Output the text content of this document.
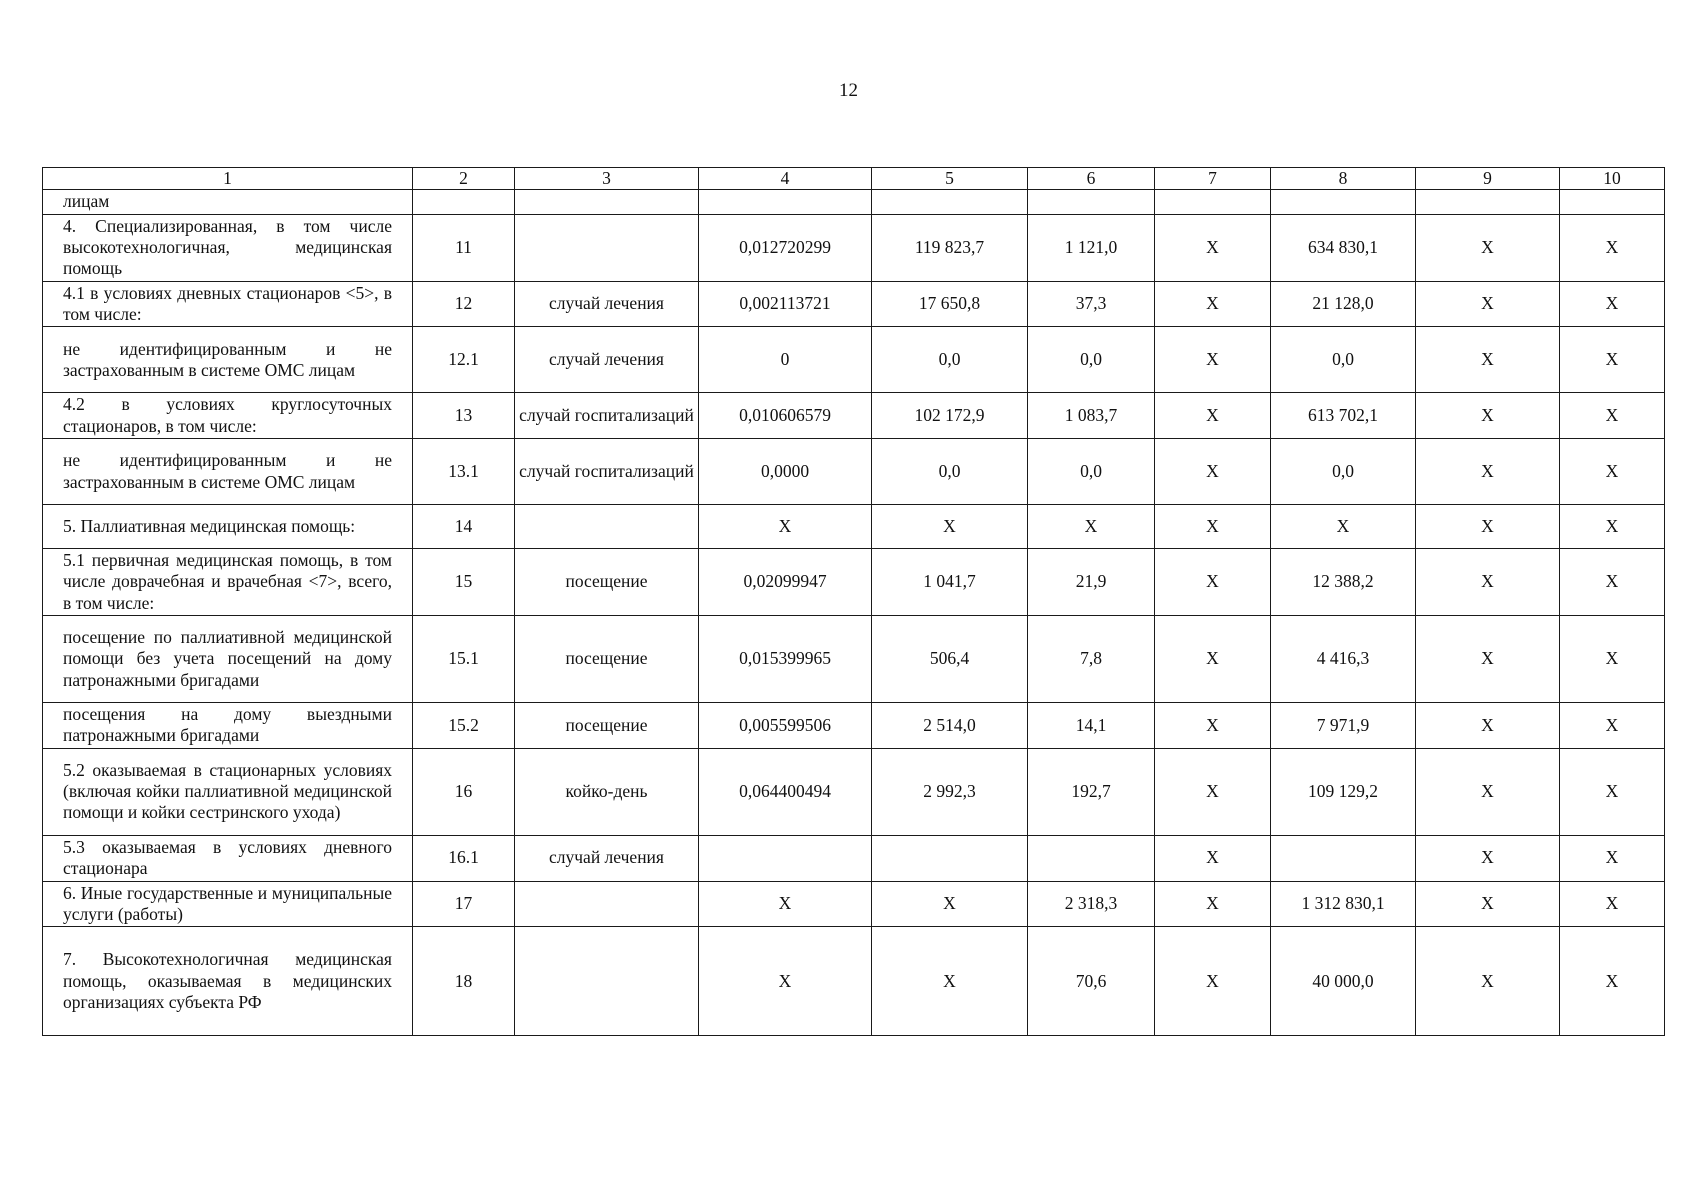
12
1	2	3	4	5	6	7	8	9	10
лицам									
4. Специализированная, в том числе высокотехнологичная, медицинская помощь	11		0,012720299	119 823,7	1 121,0	X	634 830,1	X	X
4.1 в условиях дневных стационаров <5>, в том числе:	12	случай лечения	0,002113721	17 650,8	37,3	X	21 128,0	X	X
не идентифицированным и не застрахованным в системе ОМС лицам	12.1	случай лечения	0	0,0	0,0	X	0,0	X	X
4.2 в условиях круглосуточных стационаров, в том числе:	13	случай госпитализаций	0,010606579	102 172,9	1 083,7	X	613 702,1	X	X
не идентифицированным и не застрахованным в системе ОМС лицам	13.1	случай госпитализаций	0,0000	0,0	0,0	X	0,0	X	X
5. Паллиативная медицинская помощь:	14		X	X	X	X	X	X	X
5.1 первичная медицинская помощь, в том числе доврачебная и врачебная <7>, всего, в том числе:	15	посещение	0,02099947	1 041,7	21,9	X	12 388,2	X	X
посещение по паллиативной медицинской помощи без учета посещений на дому патронажными бригадами	15.1	посещение	0,015399965	506,4	7,8	X	4 416,3	X	X
посещения на дому выездными патронажными бригадами	15.2	посещение	0,005599506	2 514,0	14,1	X	7 971,9	X	X
5.2 оказываемая в стационарных условиях (включая койки паллиативной медицинской помощи и койки сестринского ухода)	16	койко-день	0,064400494	2 992,3	192,7	X	109 129,2	X	X
5.3 оказываемая в условиях дневного стационара	16.1	случай лечения				X		X	X
6. Иные государственные и муниципальные услуги (работы)	17		X	X	2 318,3	X	1 312 830,1	X	X
7. Высокотехнологичная медицинская помощь, оказываемая в медицинских организациях субъекта РФ	18		X	X	70,6	X	40 000,0	X	X
